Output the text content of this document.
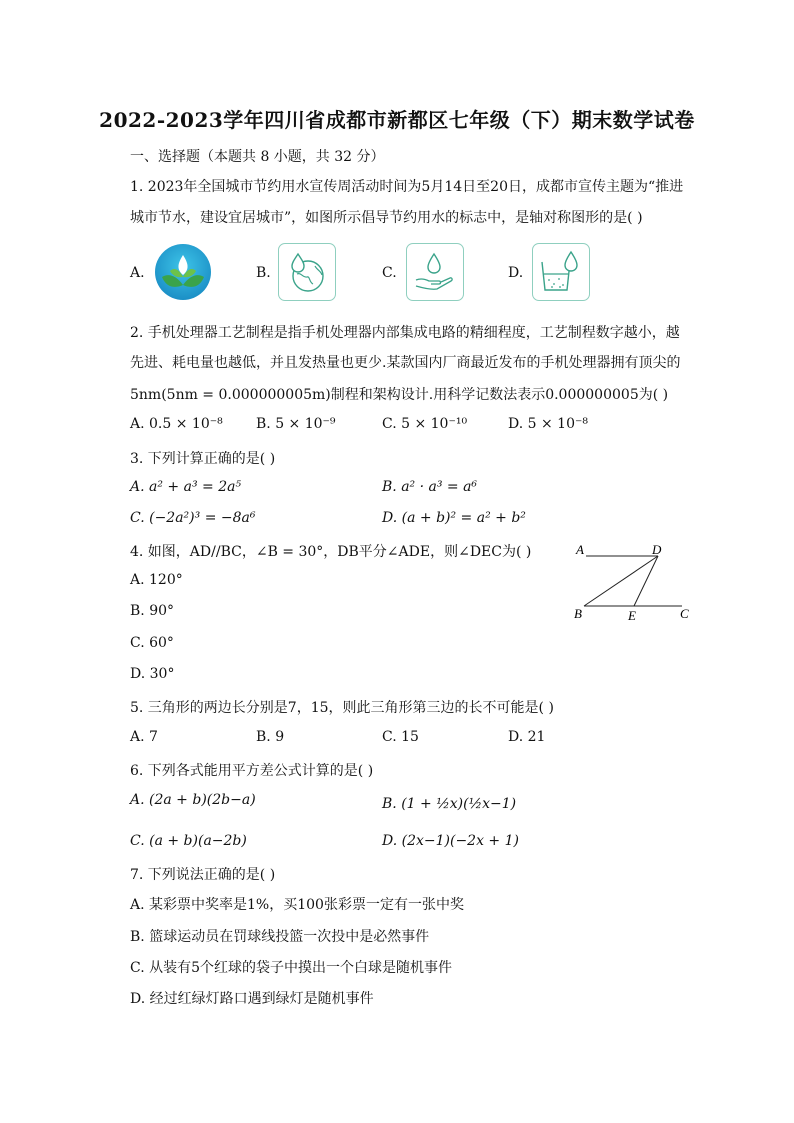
2022-2023学年四川省成都市新都区七年级（下）期末数学试卷
一、选择题（本题共 8 小题，共 32 分）
1. 2023年全国城市节约用水宣传周活动时间为5月14日至20日，成都市宣传主题为“推进
城市节水，建设宜居城市”，如图所示倡导节约用水的标志中，是轴对称图形的是( )
A.	B.	C.	D.
2. 手机处理器工艺制程是指手机处理器内部集成电路的精细程度，工艺制程数字越小，越
先进、耗电量也越低，并且发热量也更少.某款国内厂商最近发布的手机处理器拥有顶尖的
5nm(5nm = 0.000000005m)制程和架构设计.用科学记数法表示0.000000005为( )
A. 0.5 × 10⁻⁸ B. 5 × 10⁻⁹	C. 5 × 10⁻¹⁰	D. 5 × 10⁻⁸
3. 下列计算正确的是( )
A. a² + a³ = 2a⁵	B. a² · a³ = a⁶
C. (−2a²)³ = −8a⁶	D. (a + b)² = a² + b²
4. 如图，AD//BC，∠B = 30°，DB平分∠ADE，则∠DEC为( )
A. 120°
B. 90°
C. 60°
D. 30°
A	D
B	E	C
5. 三角形的两边长分别是7，15，则此三角形第三边的长不可能是( )
A. 7	B. 9	C. 15	D. 21
6. 下列各式能用平方差公式计算的是( )
A. (2a + b)(2b−a)	B. (1 + ½x)(½x−1)
C. (a + b)(a−2b)	D. (2x−1)(−2x + 1)
7. 下列说法正确的是( )
A. 某彩票中奖率是1%，买100张彩票一定有一张中奖
B. 篮球运动员在罚球线投篮一次投中是必然事件
C. 从装有5个红球的袋子中摸出一个白球是随机事件
D. 经过红绿灯路口遇到绿灯是随机事件
